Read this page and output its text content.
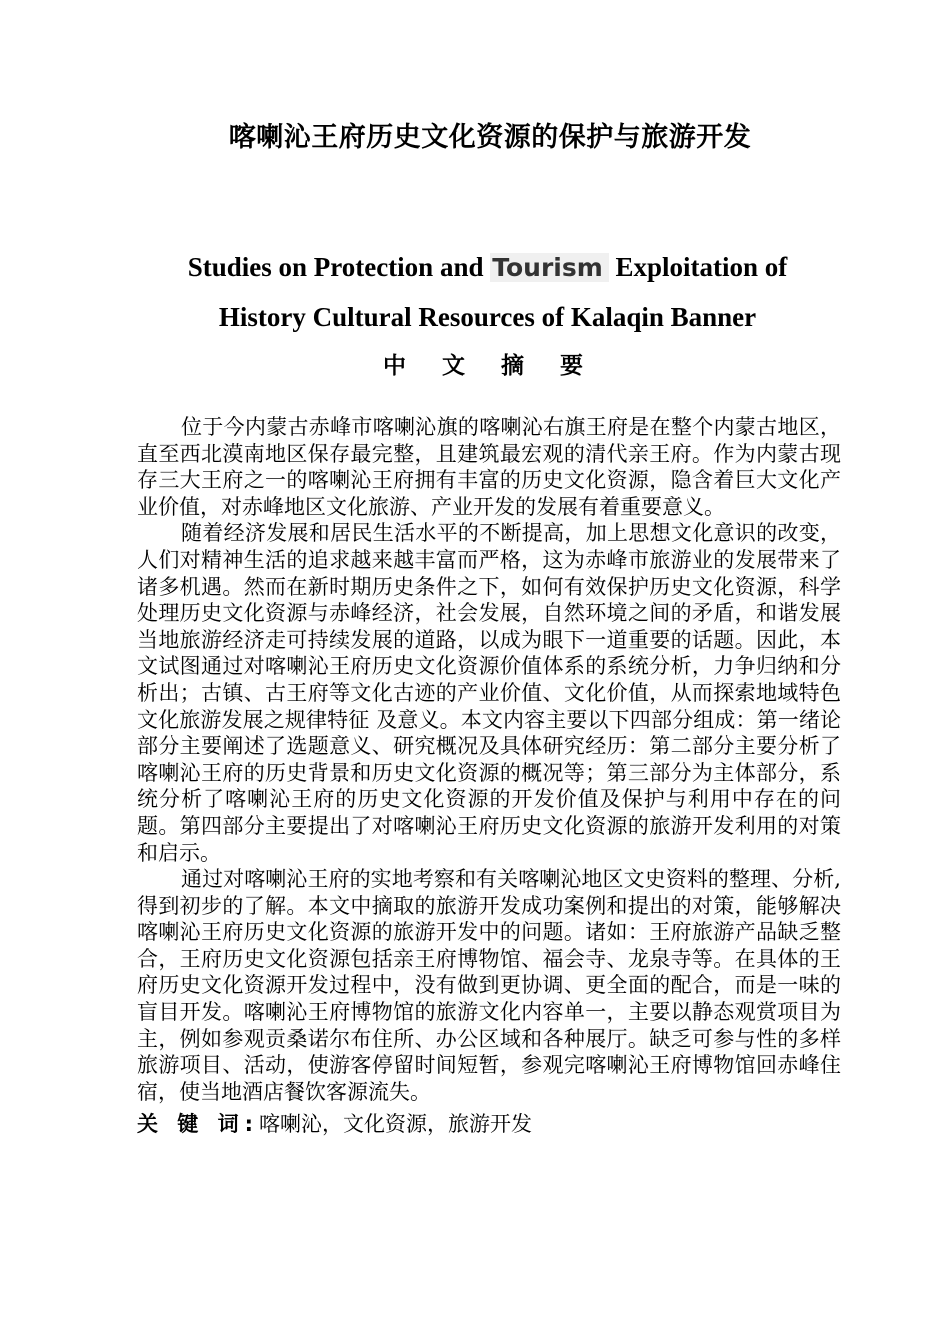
喀喇沁王府历史文化资源的保护与旅游开发
Studies on Protection and Tourism Exploitation of
History Cultural Resources of Kalaqin Banner
中 文 摘 要

位于今内蒙古赤峰市喀喇沁旗的喀喇沁右旗王府是在整个内蒙古地区，直至西北漠南地区保存最完整，且建筑最宏观的清代亲王府。作为内蒙古现存三大王府之一的喀喇沁王府拥有丰富的历史文化资源，隐含着巨大文化产业价值，对赤峰地区文化旅游、产业开发的发展有着重要意义。

随着经济发展和居民生活水平的不断提高，加上思想文化意识的改变，人们对精神生活的追求越来越丰富而严格，这为赤峰市旅游业的发展带来了诸多机遇。然而在新时期历史条件之下，如何有效保护历史文化资源，科学处理历史文化资源与赤峰经济，社会发展，自然环境之间的矛盾，和谐发展当地旅游经济走可持续发展的道路，以成为眼下一道重要的话题。因此，本文试图通过对喀喇沁王府历史文化资源价值体系的系统分析，力争归纳和分析出；古镇、古王府等文化古迹的产业价值、文化价值，从而探索地域特色文化旅游发展之规律特征 及意义。本文内容主要以下四部分组成：第一绪论部分主要阐述了选题意义、研究概况及具体研究经历：第二部分主要分析了喀喇沁王府的历史背景和历史文化资源的概况等；第三部分为主体部分，系统分析了喀喇沁王府的历史文化资源的开发价值及保护与利用中存在的问题。第四部分主要提出了对喀喇沁王府历史文化资源的旅游开发利用的对策和启示。

通过对喀喇沁王府的实地考察和有关喀喇沁地区文史资料的整理、分析, 得到初步的了解。本文中摘取的旅游开发成功案例和提出的对策，能够解决喀喇沁王府历史文化资源的旅游开发中的问题。诸如：王府旅游产品缺乏整合，王府历史文化资源包括亲王府博物馆、福会寺、龙泉寺等。在具体的王府历史文化资源开发过程中，没有做到更协调、更全面的配合，而是一味的盲目开发。喀喇沁王府博物馆的旅游文化内容单一，主要以静态观赏项目为主，例如参观贡桑诺尔布住所、办公区域和各种展厅。缺乏可参与性的多样旅游项目、活动，使游客停留时间短暂，参观完喀喇沁王府博物馆回赤峰住宿，使当地酒店餐饮客源流失。

关 键 词:喀喇沁，文化资源，旅游开发
